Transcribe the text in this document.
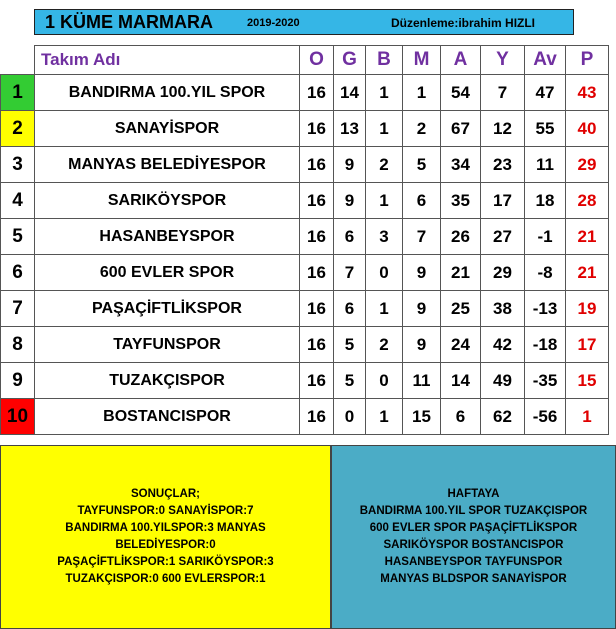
1 KÜME MARMARA	2019-2020	Düzenleme:ibrahim HIZLI
	Takım Adı	O	G	B	M	A	Y	Av	P
1	BANDIRMA 100.YIL SPOR	16	14	1	1	54	7	47	43
2	SANAYİSPOR	16	13	1	2	67	12	55	40
3	MANYAS BELEDİYESPOR	16	9	2	5	34	23	11	29
4	SARIKÖYSPOR	16	9	1	6	35	17	18	28
5	HASANBEYSPOR	16	6	3	7	26	27	-1	21
6	600 EVLER SPOR	16	7	0	9	21	29	-8	21
7	PAŞAÇİFTLİKSPOR	16	6	1	9	25	38	-13	19
8	TAYFUNSPOR	16	5	2	9	24	42	-18	17
9	TUZAKÇISPOR	16	5	0	11	14	49	-35	15
10	BOSTANCISPOR	16	0	1	15	6	62	-56	1
SONUÇLAR;
TAYFUNSPOR:0 SANAYİSPOR:7
BANDIRMA 100.YILSPOR:3 MANYAS
BELEDİYESPOR:0
PAŞAÇİFTLİKSPOR:1 SARIKÖYSPOR:3
TUZAKÇISPOR:0 600 EVLERSPOR:1
HAFTAYA
BANDIRMA 100.YIL SPOR TUZAKÇISPOR
600 EVLER SPOR PAŞAÇİFTLİKSPOR
SARIKÖYSPOR BOSTANCISPOR
HASANBEYSPOR TAYFUNSPOR
MANYAS BLDSPOR SANAYİSPOR
